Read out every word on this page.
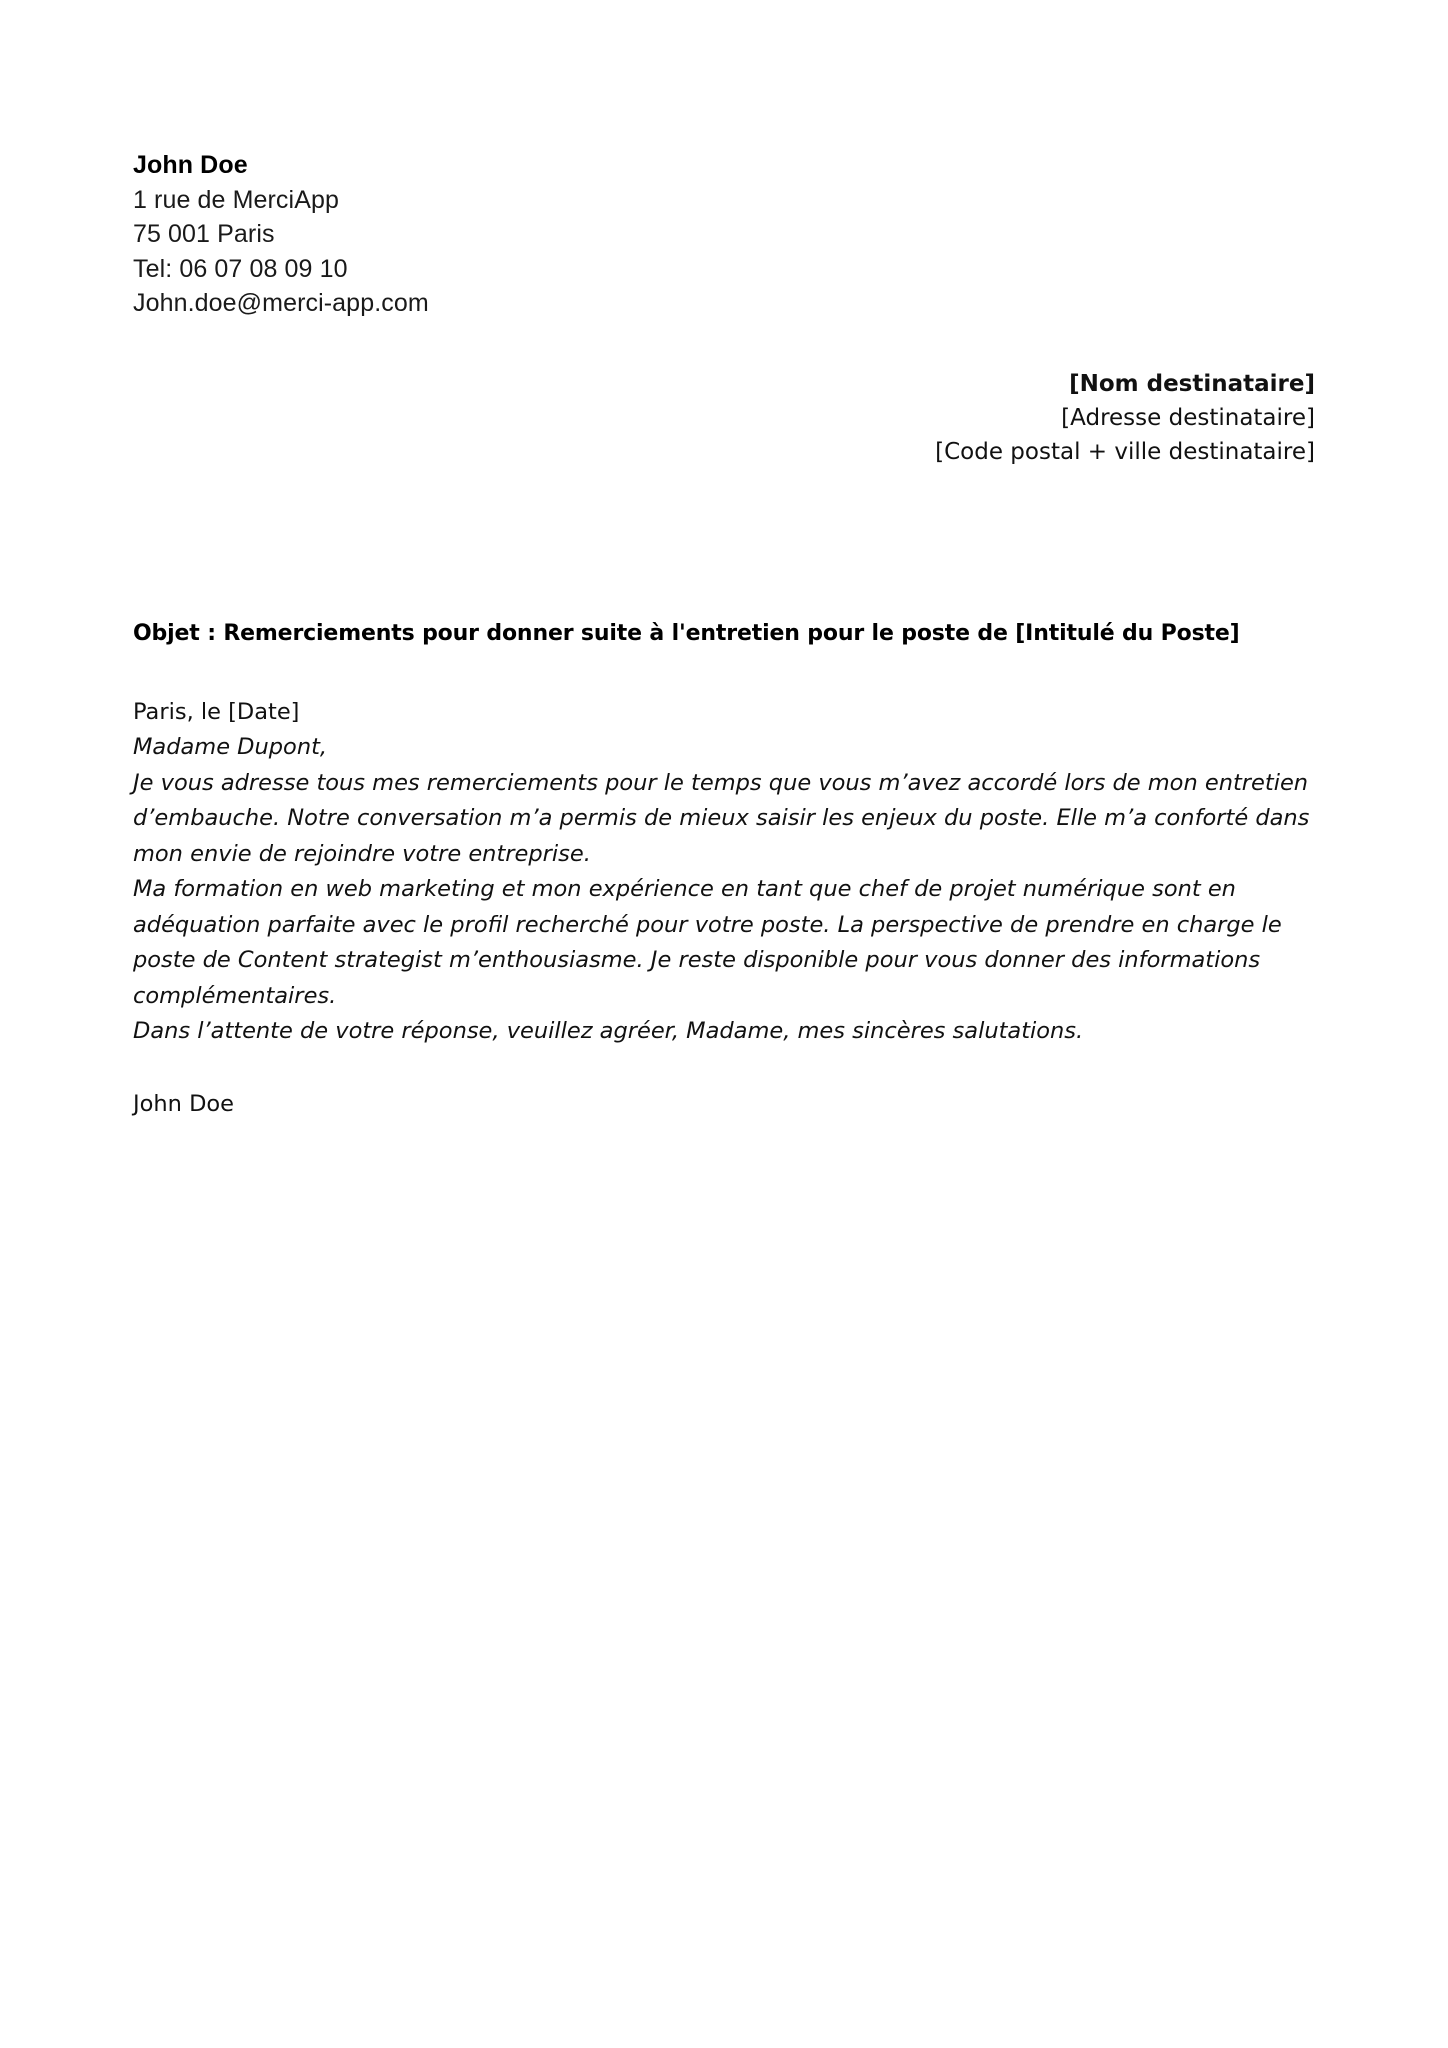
John Doe
1 rue de MerciApp
75 001 Paris
Tel: 06 07 08 09 10
John.doe@merci-app.com
[Nom destinataire]
[Adresse destinataire]
[Code postal + ville destinataire]
Objet : Remerciements pour donner suite à l'entretien pour le poste de [Intitulé du Poste]

Paris, le [Date]

Madame Dupont,

Je vous adresse tous mes remerciements pour le temps que vous m’avez accordé lors de mon entretien d’embauche. Notre conversation m’a permis de mieux saisir les enjeux du poste. Elle m’a conforté dans mon envie de rejoindre votre entreprise.

Ma formation en web marketing et mon expérience en tant que chef de projet numérique sont en adéquation parfaite avec le profil recherché pour votre poste. La perspective de prendre en charge le poste de Content strategist m’enthousiasme. Je reste disponible pour vous donner des informations complémentaires.

Dans l’attente de votre réponse, veuillez agréer, Madame, mes sincères salutations.

John Doe
